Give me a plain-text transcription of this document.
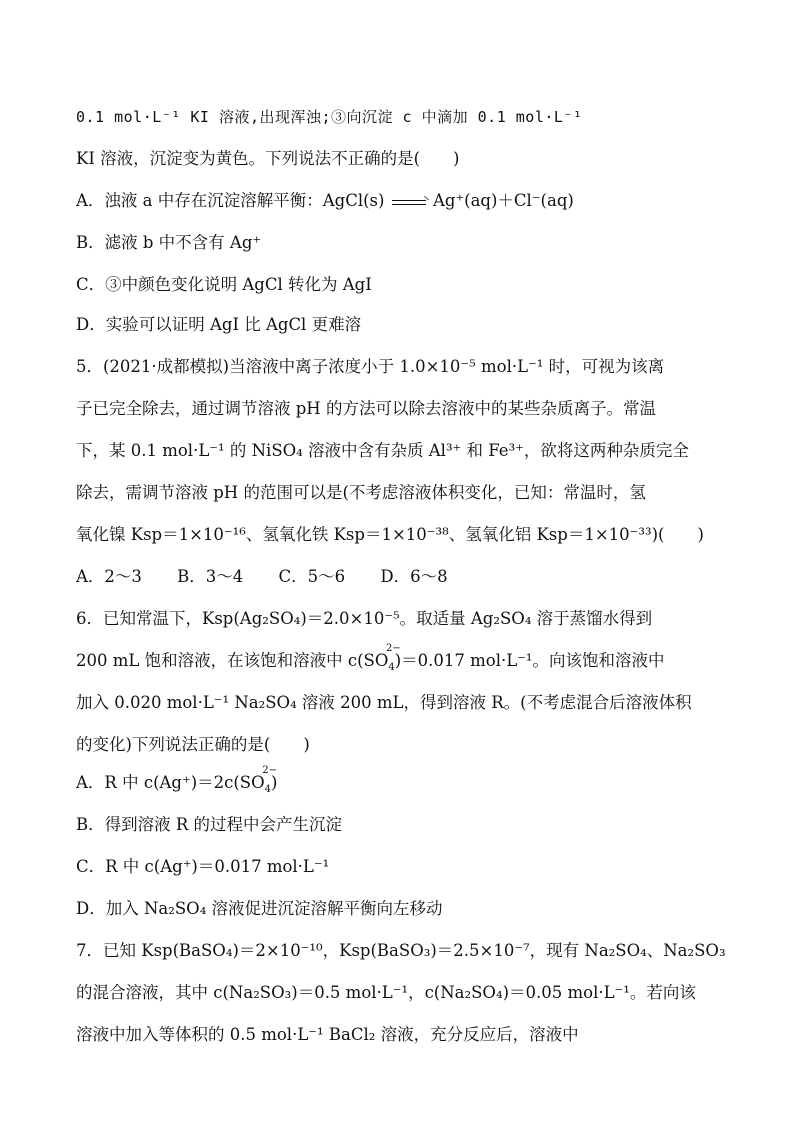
0.1 mol·L⁻¹ KI 溶液,出现浑浊;③向沉淀 c 中滴加 0.1 mol·L⁻¹
KI 溶液，沉淀变为黄色。下列说法不正确的是(　　)
A．浊液 a 中存在沉淀溶解平衡：AgCl(s)	Ag⁺(aq)＋Cl⁻(aq)
B．滤液 b 中不含有 Ag⁺
C．③中颜色变化说明 AgCl 转化为 AgI
D．实验可以证明 AgI 比 AgCl 更难溶
5．(2021·成都模拟)当溶液中离子浓度小于 1.0×10⁻⁵ mol·L⁻¹ 时，可视为该离
子已完全除去，通过调节溶液 pH 的方法可以除去溶液中的某些杂质离子。常温
下，某 0.1 mol·L⁻¹ 的 NiSO₄ 溶液中含有杂质 Al³⁺ 和 Fe³⁺，欲将这两种杂质完全
除去，需调节溶液 pH 的范围可以是(不考虑溶液体积变化，已知：常温时，氢
氧化镍 Ksp＝1×10⁻¹⁶、氢氧化铁 Ksp＝1×10⁻³⁸、氢氧化铝 Ksp＝1×10⁻³³)(　　)
A．2～3 B．3～4 C．5～6 D．6～8
6．已知常温下，Ksp(Ag₂SO₄)＝2.0×10⁻⁵。取适量 Ag₂SO₄ 溶于蒸馏水得到
200 mL 饱和溶液，在该饱和溶液中 c(SO
2−
$_4$)＝0.017 mol·L⁻¹。向该饱和溶液中
加入 0.020 mol·L⁻¹ Na₂SO₄ 溶液 200 mL，得到溶液 R。(不考虑混合后溶液体积
的变化)下列说法正确的是(　　)
A．R 中 c(Ag⁺)＝2c(SO
2−
$_4$)
B．得到溶液 R 的过程中会产生沉淀
C．R 中 c(Ag⁺)＝0.017 mol·L⁻¹
D．加入 Na₂SO₄ 溶液促进沉淀溶解平衡向左移动
7．已知 Ksp(BaSO₄)＝2×10⁻¹⁰，Ksp(BaSO₃)＝2.5×10⁻⁷，现有 Na₂SO₄、Na₂SO₃
的混合溶液，其中 c(Na₂SO₃)＝0.5 mol·L⁻¹，c(Na₂SO₄)＝0.05 mol·L⁻¹。若向该
溶液中加入等体积的 0.5 mol·L⁻¹ BaCl₂ 溶液，充分反应后，溶液中
